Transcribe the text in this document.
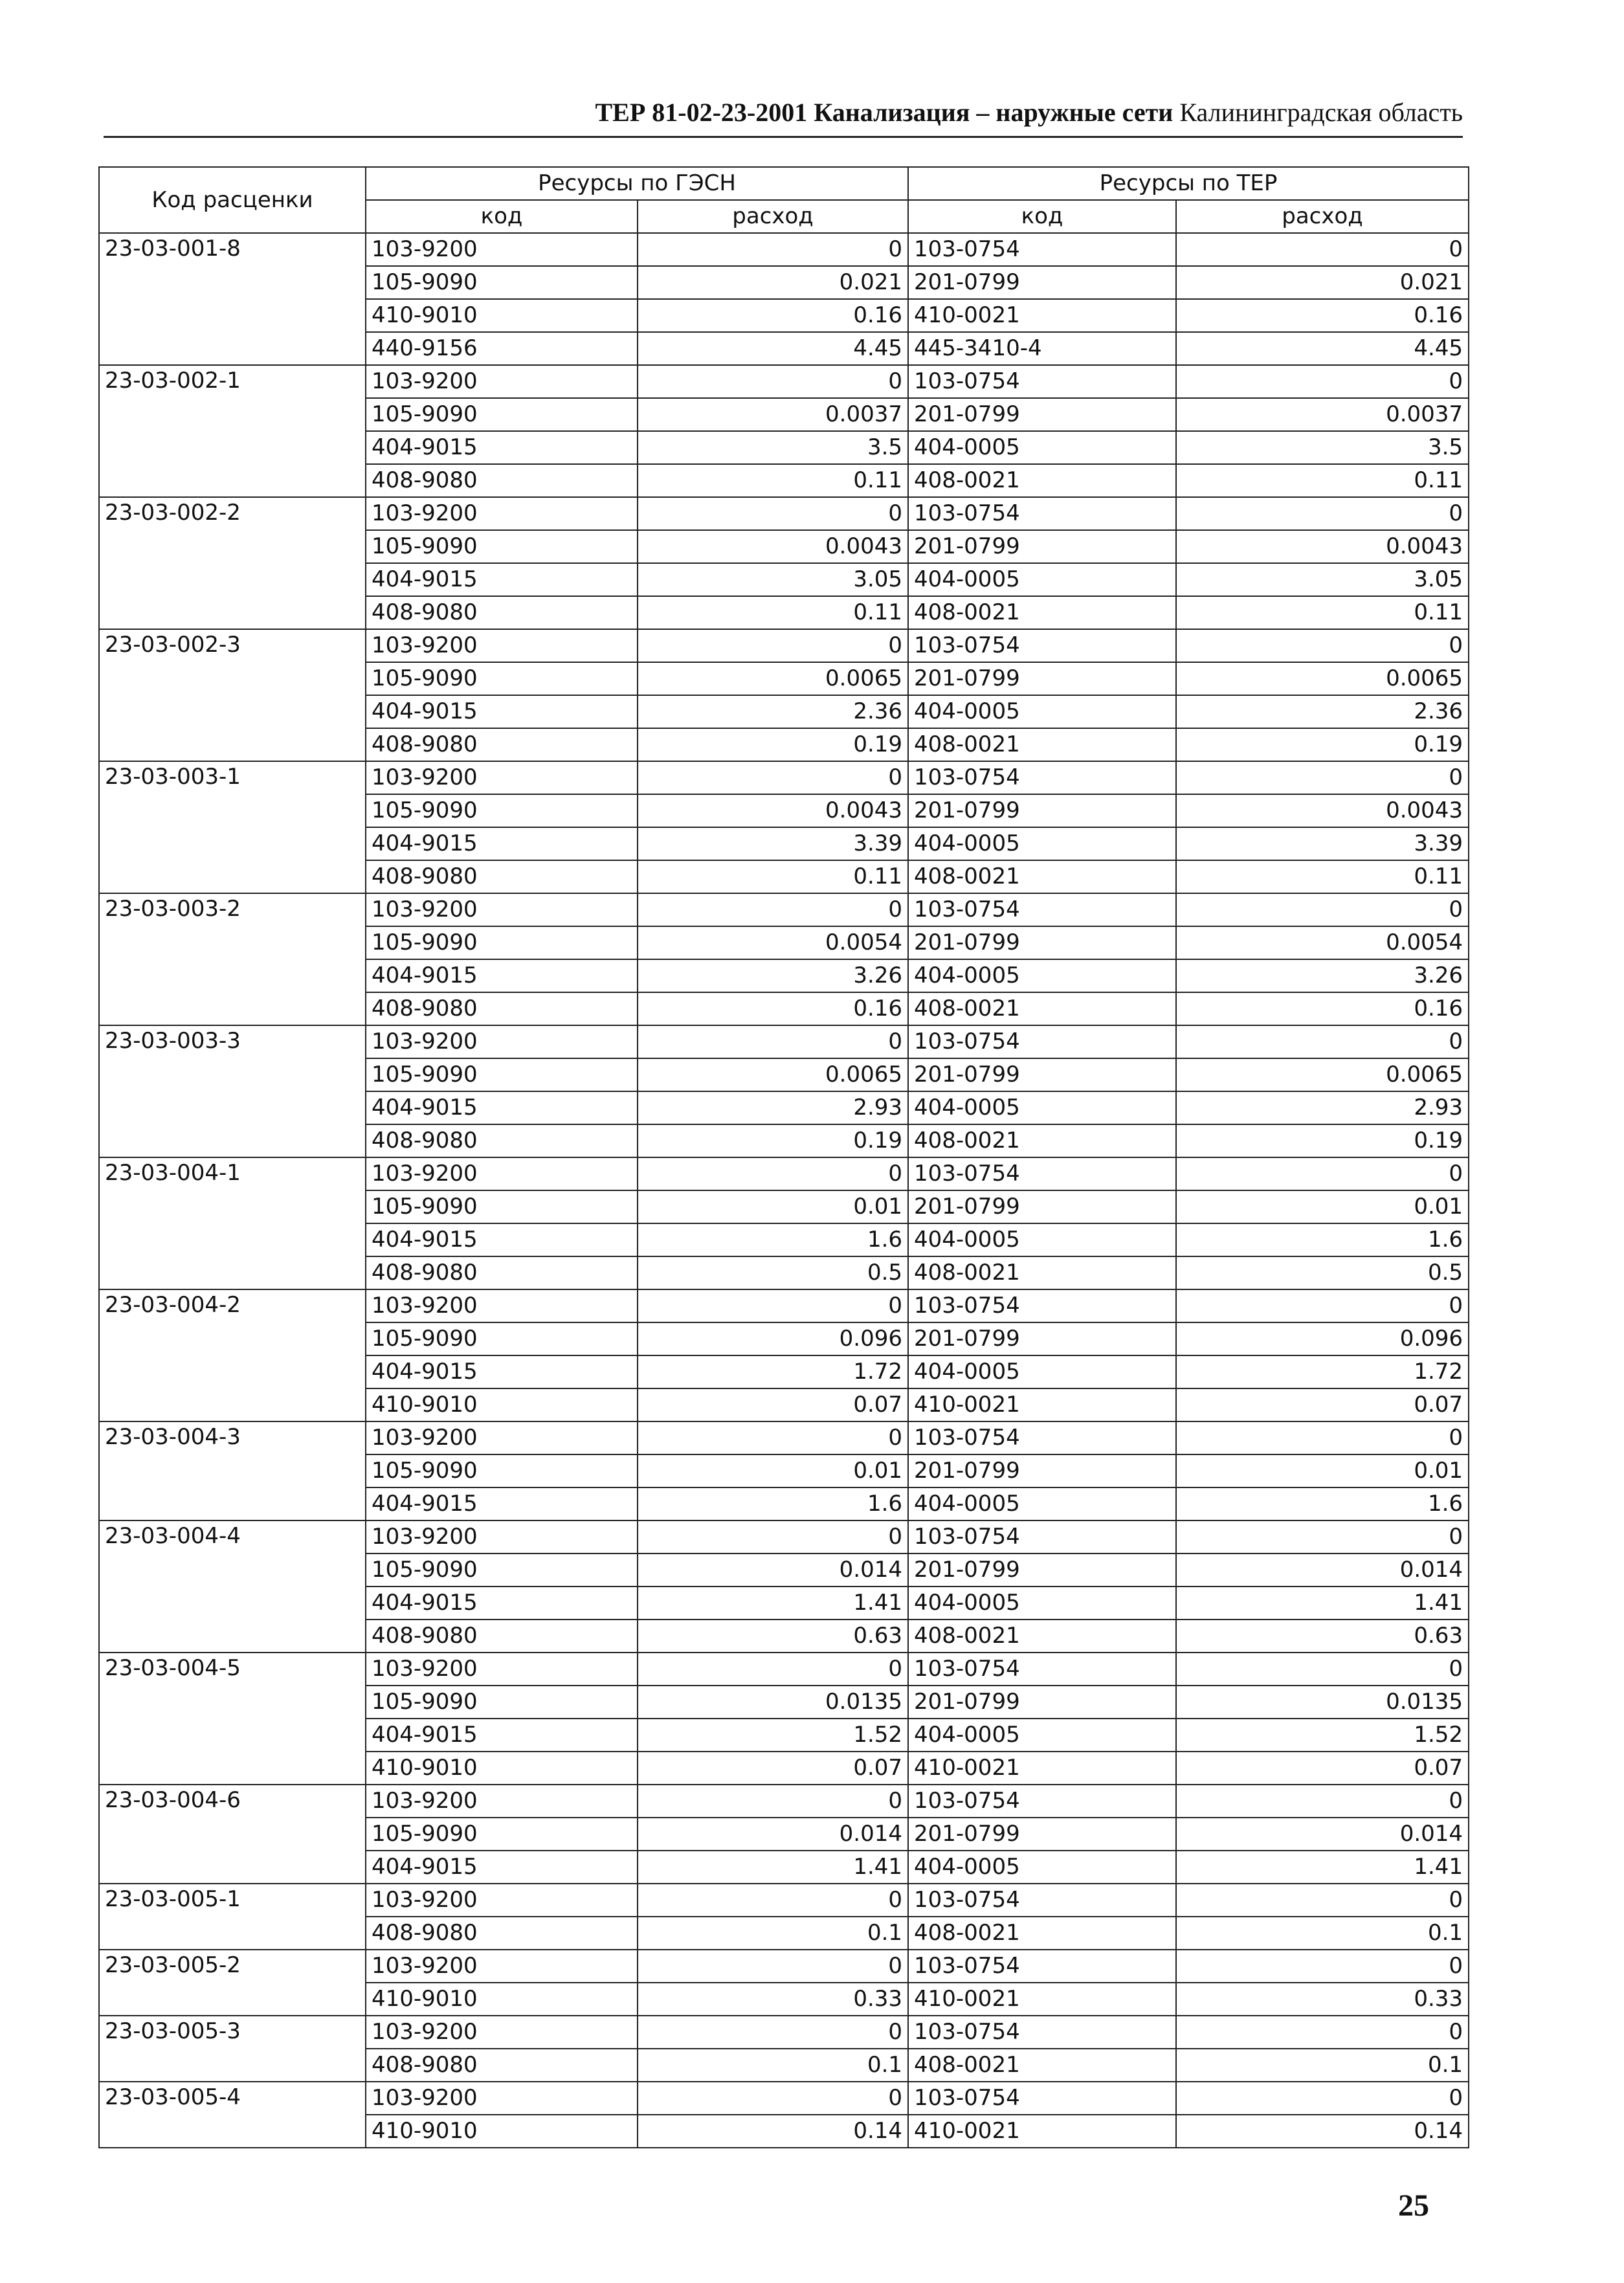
ТЕР 81-02-23-2001 Канализация – наружные сети Калининградская область
Код расценки	Ресурсы по ГЭСН		Ресурсы по ТЕР	
	код	расход	код	расход
23-03-001-8	103-9200	0	103-0754	0
	105-9090	0.021	201-0799	0.021
	410-9010	0.16	410-0021	0.16
	440-9156	4.45	445-3410-4	4.45
23-03-002-1	103-9200	0	103-0754	0
	105-9090	0.0037	201-0799	0.0037
	404-9015	3.5	404-0005	3.5
	408-9080	0.11	408-0021	0.11
23-03-002-2	103-9200	0	103-0754	0
	105-9090	0.0043	201-0799	0.0043
	404-9015	3.05	404-0005	3.05
	408-9080	0.11	408-0021	0.11
23-03-002-3	103-9200	0	103-0754	0
	105-9090	0.0065	201-0799	0.0065
	404-9015	2.36	404-0005	2.36
	408-9080	0.19	408-0021	0.19
23-03-003-1	103-9200	0	103-0754	0
	105-9090	0.0043	201-0799	0.0043
	404-9015	3.39	404-0005	3.39
	408-9080	0.11	408-0021	0.11
23-03-003-2	103-9200	0	103-0754	0
	105-9090	0.0054	201-0799	0.0054
	404-9015	3.26	404-0005	3.26
	408-9080	0.16	408-0021	0.16
23-03-003-3	103-9200	0	103-0754	0
	105-9090	0.0065	201-0799	0.0065
	404-9015	2.93	404-0005	2.93
	408-9080	0.19	408-0021	0.19
23-03-004-1	103-9200	0	103-0754	0
	105-9090	0.01	201-0799	0.01
	404-9015	1.6	404-0005	1.6
	408-9080	0.5	408-0021	0.5
23-03-004-2	103-9200	0	103-0754	0
	105-9090	0.096	201-0799	0.096
	404-9015	1.72	404-0005	1.72
	410-9010	0.07	410-0021	0.07
23-03-004-3	103-9200	0	103-0754	0
	105-9090	0.01	201-0799	0.01
	404-9015	1.6	404-0005	1.6
23-03-004-4	103-9200	0	103-0754	0
	105-9090	0.014	201-0799	0.014
	404-9015	1.41	404-0005	1.41
	408-9080	0.63	408-0021	0.63
23-03-004-5	103-9200	0	103-0754	0
	105-9090	0.0135	201-0799	0.0135
	404-9015	1.52	404-0005	1.52
	410-9010	0.07	410-0021	0.07
23-03-004-6	103-9200	0	103-0754	0
	105-9090	0.014	201-0799	0.014
	404-9015	1.41	404-0005	1.41
23-03-005-1	103-9200	0	103-0754	0
	408-9080	0.1	408-0021	0.1
23-03-005-2	103-9200	0	103-0754	0
	410-9010	0.33	410-0021	0.33
23-03-005-3	103-9200	0	103-0754	0
	408-9080	0.1	408-0021	0.1
23-03-005-4	103-9200	0	103-0754	0
	410-9010	0.14	410-0021	0.14
25
